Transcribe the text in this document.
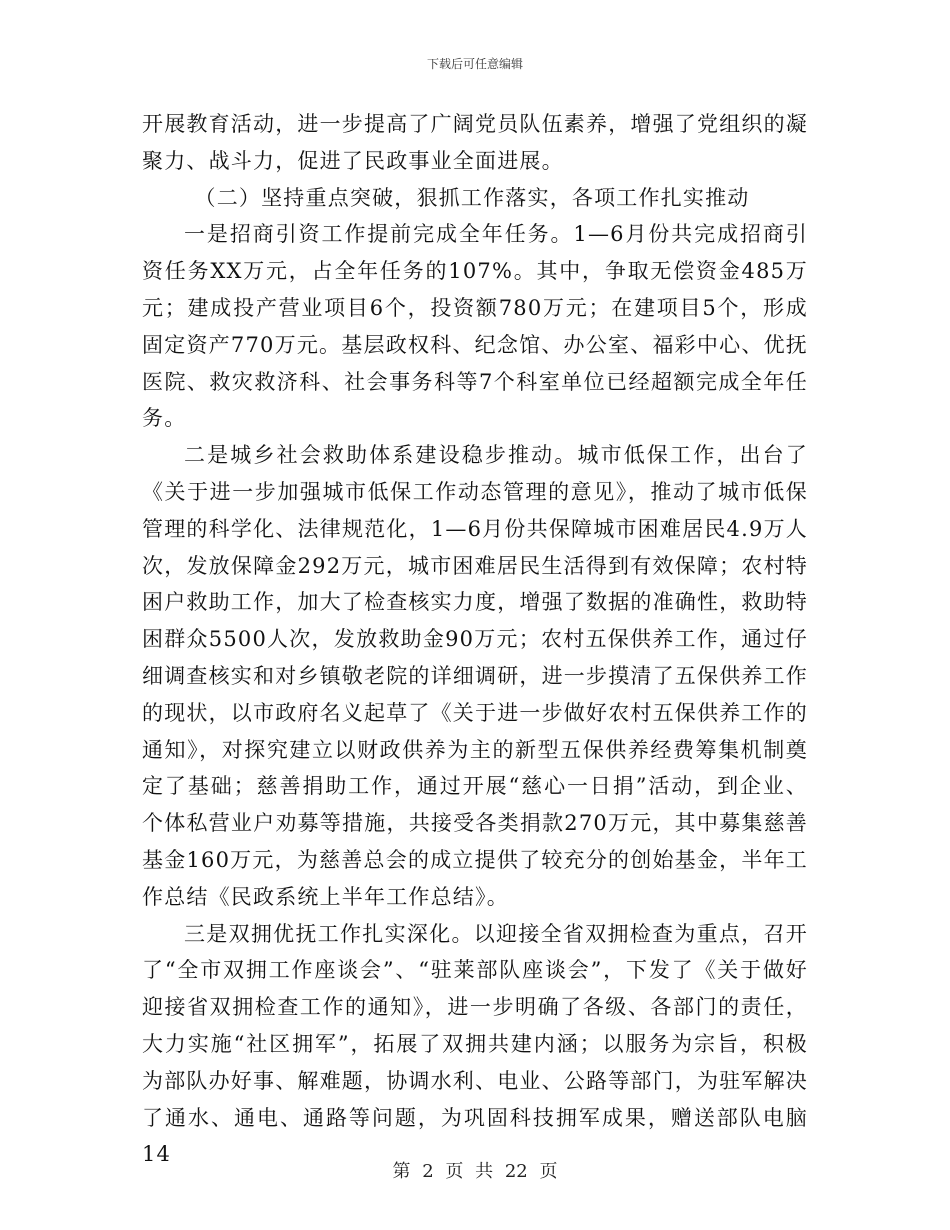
下载后可任意编辑

开展教育活动，进一步提高了广阔党员队伍素养，增强了党组织的凝聚力、战斗力，促进了民政事业全面进展。

（二）坚持重点突破，狠抓工作落实，各项工作扎实推动

一是招商引资工作提前完成全年任务。1—6月份共完成招商引资任务XX万元，占全年任务的107%。其中，争取无偿资金485万元；建成投产营业项目6个，投资额780万元；在建项目5个，形成固定资产770万元。基层政权科、纪念馆、办公室、福彩中心、优抚医院、救灾救济科、社会事务科等7个科室单位已经超额完成全年任务。

二是城乡社会救助体系建设稳步推动。城市低保工作，出台了《关于进一步加强城市低保工作动态管理的意见》，推动了城市低保管理的科学化、法律规范化，1—6月份共保障城市困难居民4.9万人次，发放保障金292万元，城市困难居民生活得到有效保障；农村特困户救助工作，加大了检查核实力度，增强了数据的准确性，救助特困群众5500人次，发放救助金90万元；农村五保供养工作，通过仔细调查核实和对乡镇敬老院的详细调研，进一步摸清了五保供养工作的现状，以市政府名义起草了《关于进一步做好农村五保供养工作的通知》，对探究建立以财政供养为主的新型五保供养经费筹集机制奠定了基础；慈善捐助工作，通过开展“慈心一日捐”活动，到企业、个体私营业户劝募等措施，共接受各类捐款270万元，其中募集慈善基金160万元，为慈善总会的成立提供了较充分的创始基金，半年工作总结《民政系统上半年工作总结》。

三是双拥优抚工作扎实深化。以迎接全省双拥检查为重点，召开了“全市双拥工作座谈会”、“驻莱部队座谈会”，下发了《关于做好迎接省双拥检查工作的通知》，进一步明确了各级、各部门的责任，大力实施“社区拥军”，拓展了双拥共建内涵；以服务为宗旨，积极为部队办好事、解难题，协调水利、电业、公路等部门，为驻军解决了通水、通电、通路等问题，为巩固科技拥军成果，赠送部队电脑14

第 2 页 共 22 页
